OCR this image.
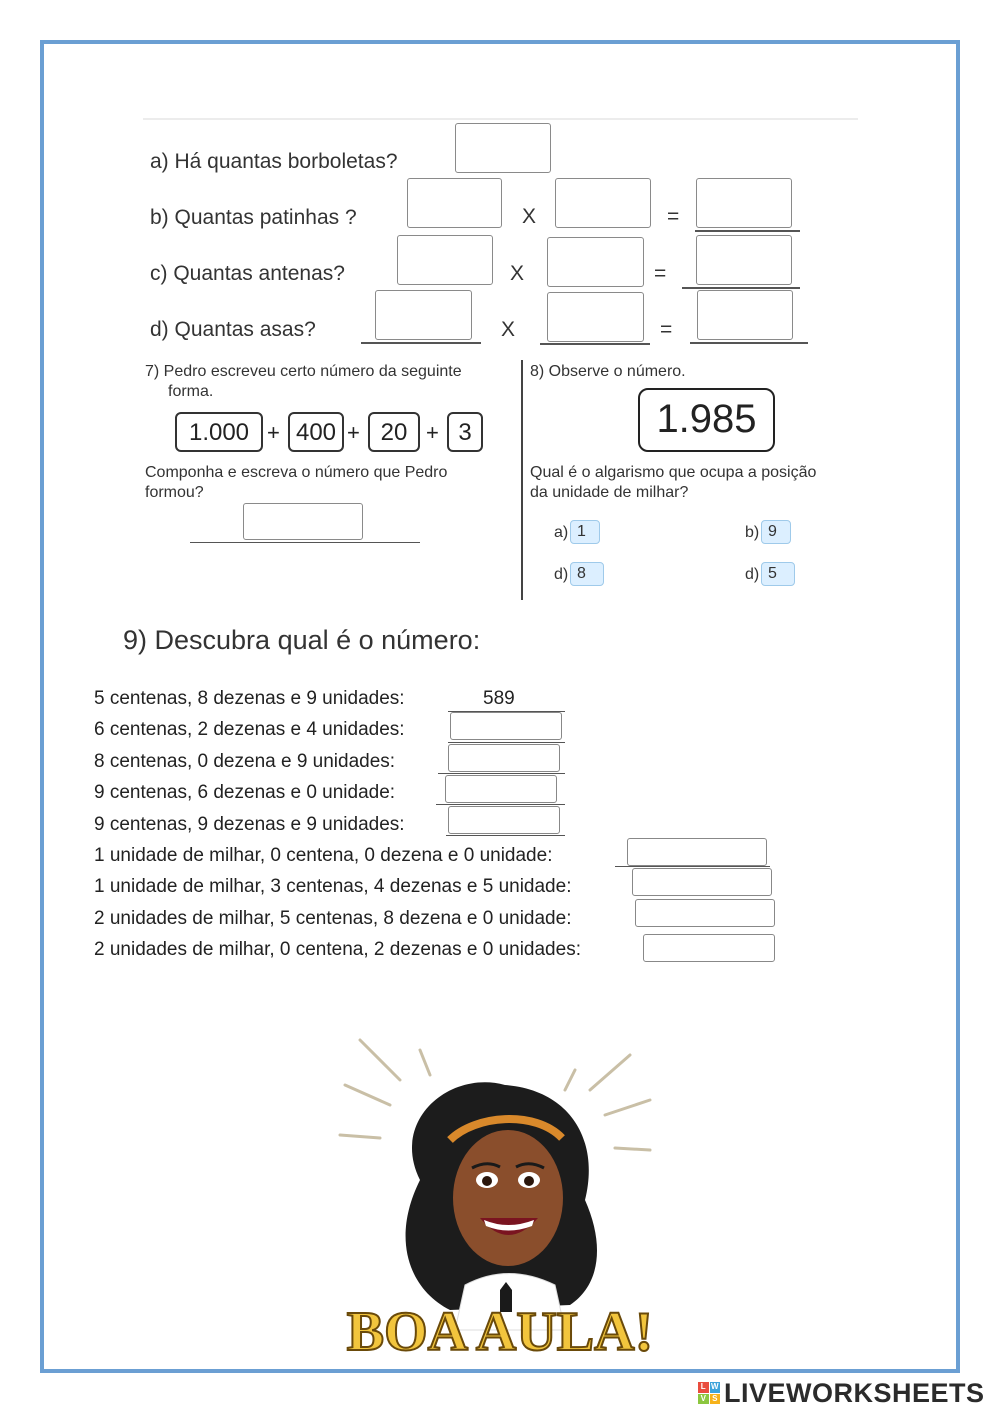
a) Há quantas borboletas?
b) Quantas patinhas ?	X	=
c) Quantas antenas?	X	=
d) Quantas asas?	X	=
7) Pedro escreveu certo número da seguinte
forma.
1.000 + 400 + 20 + 3
Componha e escreva o número que Pedro
formou?
8) Observe o número.
1.985
Qual é o algarismo que ocupa a posição
da unidade de milhar?
a) 1	b) 9
d) 8	d) 5
9) Descubra qual é o número:
5 centenas, 8 dezenas e 9 unidades:	589
6 centenas, 2 dezenas e 4 unidades:
8 centenas, 0 dezena e 9 unidades:
9 centenas, 6 dezenas e 0 unidade:
9 centenas, 9 dezenas e 9 unidades:
1 unidade de milhar, 0 centena, 0 dezena e 0 unidade:
1 unidade de milhar, 3 centenas, 4 dezenas e 5 unidade:
2 unidades de milhar, 5 centenas, 8 dezena e 0 unidade:
2 unidades de milhar, 0 centena, 2 dezenas e 0 unidades:
BOA AULA!
L W
V S LIVEWORKSHEETS
